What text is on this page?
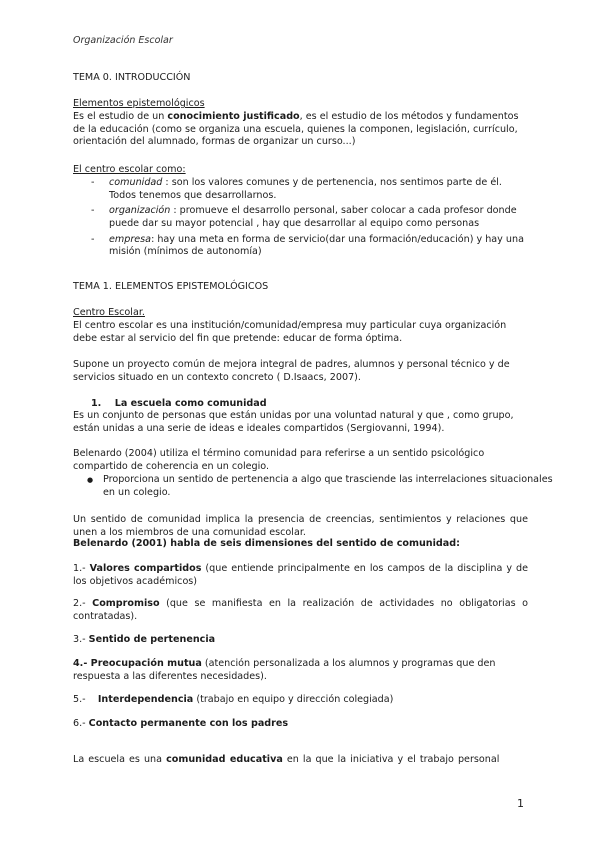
Organización Escolar

TEMA 0. INTRODUCCIÓN

Elementos epistemológicos

Es el estudio de un conocimiento justificado, es el estudio de los métodos y fundamentos de la educación (como se organiza una escuela, quienes la componen, legislación, currículo, orientación del alumnado, formas de organizar un curso...)

El centro escolar como:

- comunidad : son los valores comunes y de pertenencia, nos sentimos parte de él. Todos tenemos que desarrollarnos.
- organización : promueve el desarrollo personal, saber colocar a cada profesor donde puede dar su mayor potencial , hay que desarrollar al equipo como personas
- empresa: hay una meta en forma de servicio(dar una formación/educación) y hay una misión (mínimos de autonomía)

TEMA 1. ELEMENTOS EPISTEMOLÓGICOS

Centro Escolar.

El centro escolar es una institución/comunidad/empresa muy particular cuya organización debe estar al servicio del fin que pretende: educar de forma óptima.

Supone un proyecto común de mejora integral de padres, alumnos y personal técnico y de servicios situado en un contexto concreto ( D.Isaacs, 2007).

1. La escuela como comunidad

Es un conjunto de personas que están unidas por una voluntad natural y que , como grupo, están unidas a una serie de ideas e ideales compartidos (Sergiovanni, 1994).

Belenardo (2004) utiliza el término comunidad para referirse a un sentido psicológico compartido de coherencia en un colegio.

● Proporciona un sentido de pertenencia a algo que trasciende las interrelaciones situacionales en un colegio.

Un sentido de comunidad implica la presencia de creencias, sentimientos y relaciones que unen a los miembros de una comunidad escolar.

Belenardo (2001) habla de seis dimensiones del sentido de comunidad:

1.- Valores compartidos (que entiende principalmente en los campos de la disciplina y de los objetivos académicos)

2.- Compromiso (que se manifiesta en la realización de actividades no obligatorias o contratadas).

3.- Sentido de pertenencia

4.- Preocupación mutua (atención personalizada a los alumnos y programas que den respuesta a las diferentes necesidades).

5.-    Interdependencia (trabajo en equipo y dirección colegiada)

6.- Contacto permanente con los padres

La escuela es una comunidad educativa en la que la iniciativa y el trabajo personal

1
